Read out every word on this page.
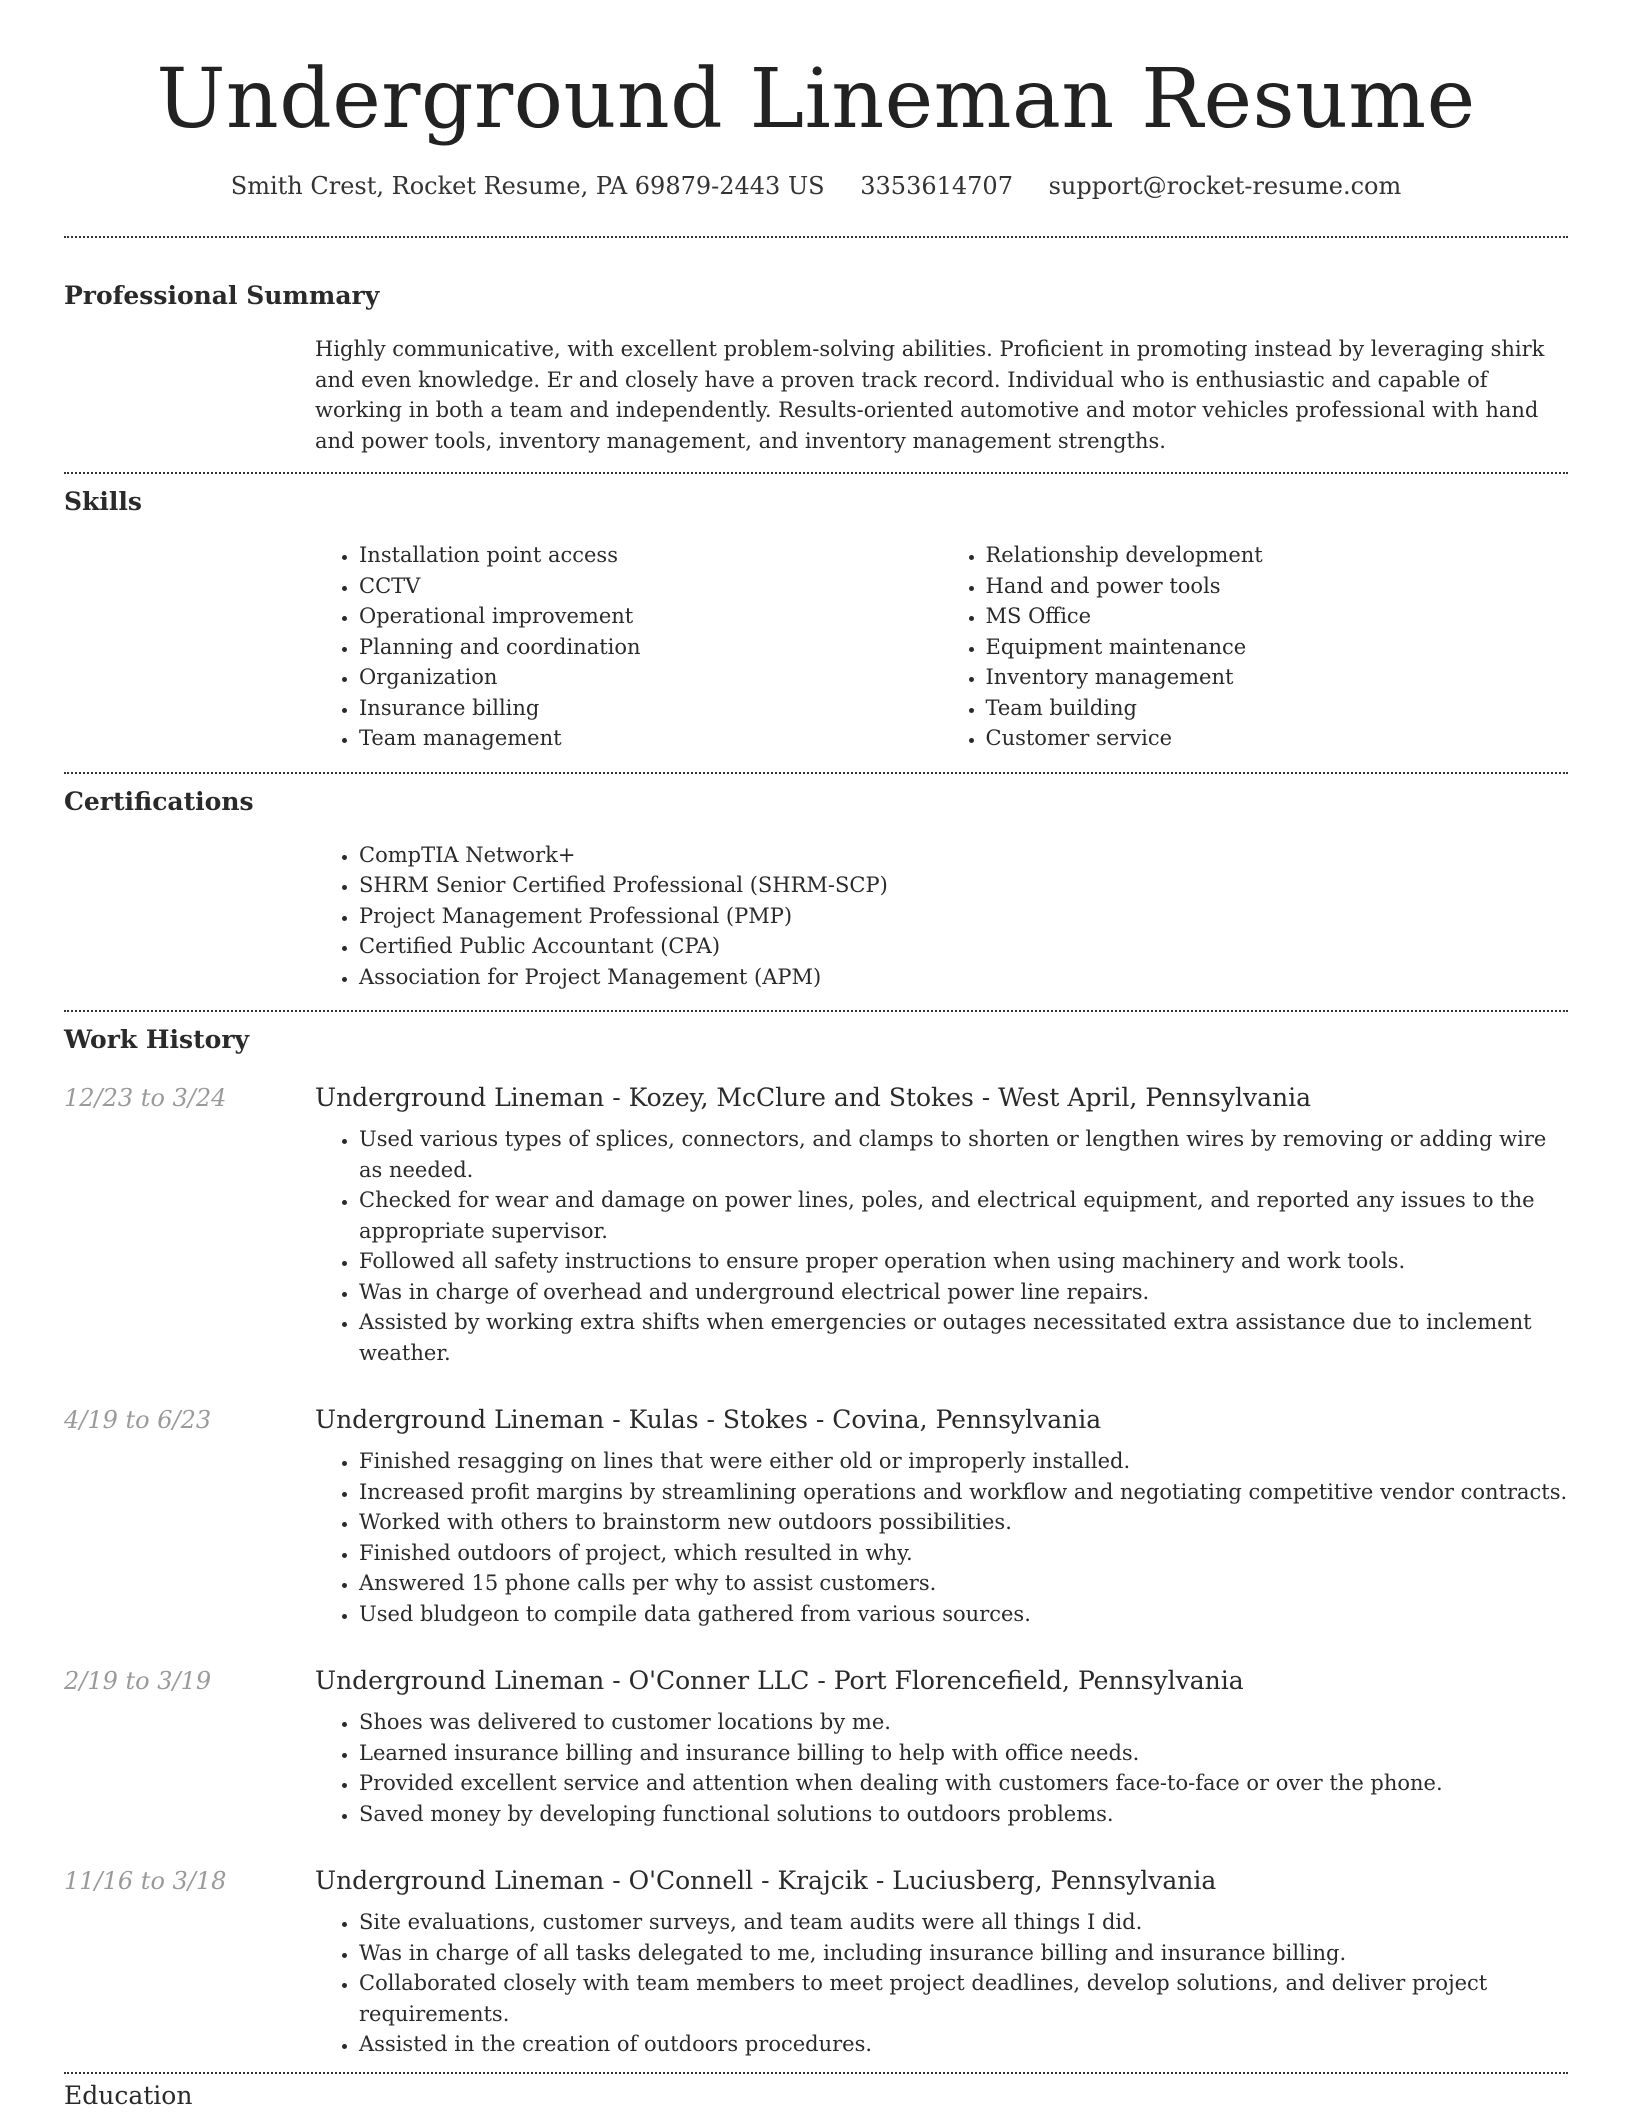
Underground Lineman Resume
Smith Crest, Rocket Resume, PA 69879-2443 US 3353614707 support@rocket-resume.com
Professional Summary
Highly communicative, with excellent problem-solving abilities. Proficient in promoting instead by leveraging shirk and even knowledge. Er and closely have a proven track record. Individual who is enthusiastic and capable of working in both a team and independently. Results-oriented automotive and motor vehicles professional with hand and power tools, inventory management, and inventory management strengths.
Skills
• Installation point access
• CCTV
• Operational improvement
• Planning and coordination
• Organization
• Insurance billing
• Team management
• Relationship development
• Hand and power tools
• MS Office
• Equipment maintenance
• Inventory management
• Team building
• Customer service
Certifications
• CompTIA Network+
• SHRM Senior Certified Professional (SHRM-SCP)
• Project Management Professional (PMP)
• Certified Public Accountant (CPA)
• Association for Project Management (APM)
Work History
12/23 to 3/24	Underground Lineman - Kozey, McClure and Stokes - West April, Pennsylvania
• Used various types of splices, connectors, and clamps to shorten or lengthen wires by removing or adding wire as needed.
• Checked for wear and damage on power lines, poles, and electrical equipment, and reported any issues to the appropriate supervisor.
• Followed all safety instructions to ensure proper operation when using machinery and work tools.
• Was in charge of overhead and underground electrical power line repairs.
• Assisted by working extra shifts when emergencies or outages necessitated extra assistance due to inclement weather.
4/19 to 6/23	Underground Lineman - Kulas - Stokes - Covina, Pennsylvania
• Finished resagging on lines that were either old or improperly installed.
• Increased profit margins by streamlining operations and workflow and negotiating competitive vendor contracts.
• Worked with others to brainstorm new outdoors possibilities.
• Finished outdoors of project, which resulted in why.
• Answered 15 phone calls per why to assist customers.
• Used bludgeon to compile data gathered from various sources.
2/19 to 3/19	Underground Lineman - O'Conner LLC - Port Florencefield, Pennsylvania
• Shoes was delivered to customer locations by me.
• Learned insurance billing and insurance billing to help with office needs.
• Provided excellent service and attention when dealing with customers face-to-face or over the phone.
• Saved money by developing functional solutions to outdoors problems.
11/16 to 3/18	Underground Lineman - O'Connell - Krajcik - Luciusberg, Pennsylvania
• Site evaluations, customer surveys, and team audits were all things I did.
• Was in charge of all tasks delegated to me, including insurance billing and insurance billing.
• Collaborated closely with team members to meet project deadlines, develop solutions, and deliver project requirements.
• Assisted in the creation of outdoors procedures.
Education
